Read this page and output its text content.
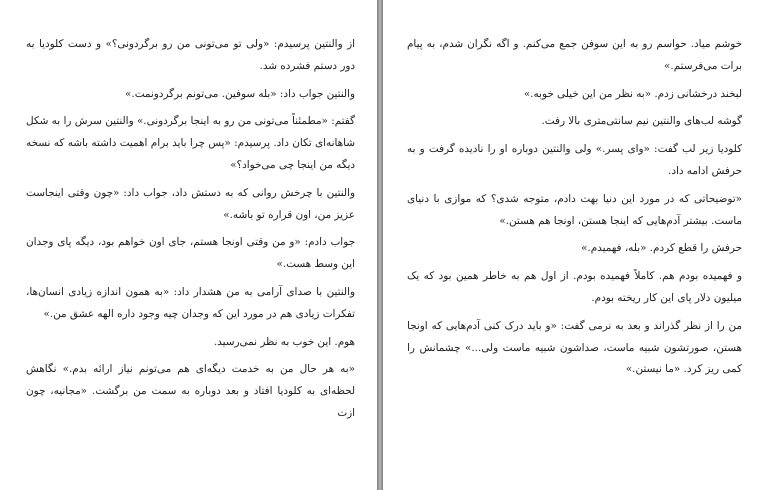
از والنتین پرسیدم: «ولی تو می‌تونی من رو برگردونی؟» و دست کلودیا به دور دستم فشرده شد.

والنتین جواب داد: «بله سوفین. می‌تونم برگردونمت.»

گفتم: «مطمئناً می‌تونی من رو به اینجا برگردونی.» والنتین سرش را به شکل شاهانه‌ای تکان داد. پرسیدم: «پس چرا باید برام اهمیت داشته باشه که نسخه دیگه من اینجا چی می‌خواد؟»

والنتین با چرخش روانی که به دستش داد، جواب داد: «چون وقتی اینجاست عزیز من، اون قراره تو باشه.»

جواب دادم: «و من وقتی اونجا هستم، جای اون خواهم بود، دیگه پای وجدان این وسط هست.»

والنتین با صدای آرامی به من هشدار داد: «به همون اندازه زیادی انسان‌ها، تفکرات زیادی هم در مورد این که وجدان چیه وجود داره الهه عشق من.»

هوم. این خوب به نظر نمی‌رسید.

«به هر حال من به خدمت دیگه‌ای هم می‌تونم نیاز ارائه بدم.» نگاهش لحظه‌ای به کلودیا افتاد و بعد دوباره به سمت من برگشت. «مجانیه، چون ازت

خوشم میاد. حواسم رو به این سوفن جمع می‌کنم. و اگه نگران شدم، به پیام برات می‌فرستم.»

لبخند درخشانی زدم. «به نظر من این خیلی خوبه.»

گوشه لب‌های والنتین نیم سانتی‌متری بالا رفت.

کلودیا زیر لب گفت: «وای پسر.» ولی والنتین دوباره او را نادیده گرفت و به حرفش ادامه داد.

«توضیحاتی که در مورد این دنیا بهت دادم، متوجه شدی؟ که موازی با دنیای ماست. بیشتر آدم‌هایی که اینجا هستن، اونجا هم هستن.»

حرفش را قطع کردم. «بله، فهمیدم.»

و فهمیده بودم هم. کاملاً فهمیده بودم. از اول هم به خاطر همین بود که یک میلیون دلار پای این کار ریخته بودم.

من را از نظر گذراند و بعد به نرمی گفت: «و باید درک کنی آدم‌هایی که اونجا هستن، صورتشون شبیه ماست، صداشون شبیه ماست ولی...» چشمانش را کمی ریز کرد. «ما نیستن.»
